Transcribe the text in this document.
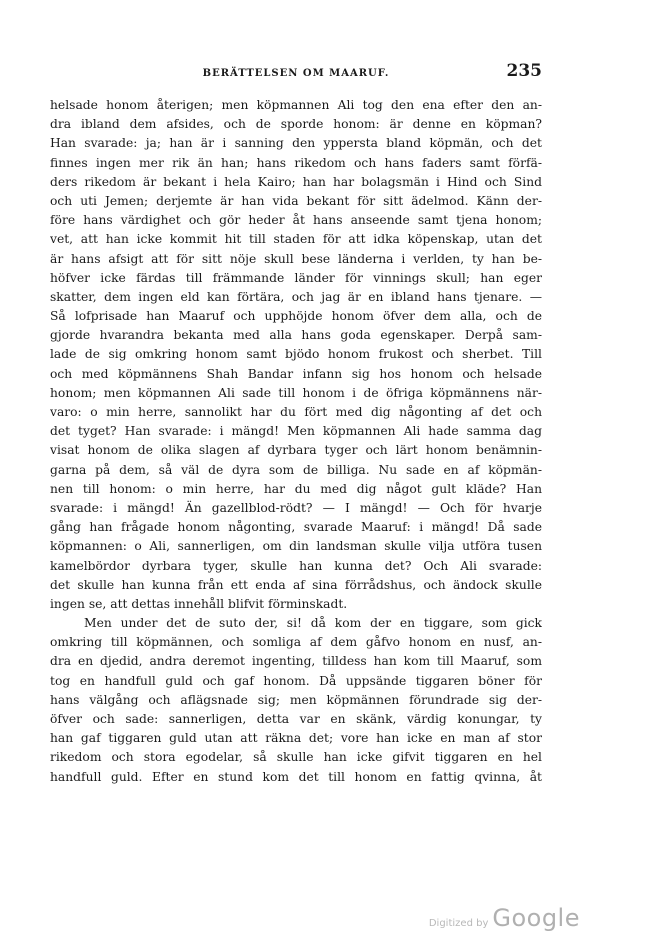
BERÄTTELSEN OM MAARUF.	235
helsade honom återigen; men köpmannen Ali tog den ena efter den an-
dra ibland dem afsides, och de sporde honom: är denne en köpman?
Han svarade: ja; han är i sanning den yppersta bland köpmän, och det
finnes ingen mer rik än han; hans rikedom och hans faders samt förfä-
ders rikedom är bekant i hela Kairo; han har bolagsmän i Hind och Sind
och uti Jemen; derjemte är han vida bekant för sitt ädelmod. Känn der-
före hans värdighet och gör heder åt hans anseende samt tjena honom;
vet, att han icke kommit hit till staden för att idka köpenskap, utan det
är hans afsigt att för sitt nöje skull bese länderna i verlden, ty han be-
höfver icke färdas till främmande länder för vinnings skull; han eger
skatter, dem ingen eld kan förtära, och jag är en ibland hans tjenare. —
Så lofprisade han Maaruf och upphöjde honom öfver dem alla, och de
gjorde hvarandra bekanta med alla hans goda egenskaper. Derpå sam-
lade de sig omkring honom samt bjödo honom frukost och sherbet. Till
och med köpmännens Shah Bandar infann sig hos honom och helsade
honom; men köpmannen Ali sade till honom i de öfriga köpmännens när-
varo: o min herre, sannolikt har du fört med dig någonting af det och
det tyget? Han svarade: i mängd! Men köpmannen Ali hade samma dag
visat honom de olika slagen af dyrbara tyger och lärt honom benämnin-
garna på dem, så väl de dyra som de billiga. Nu sade en af köpmän-
nen till honom: o min herre, har du med dig något gult kläde? Han
svarade: i mängd! Än gazellblod-rödt? — I mängd! — Och för hvarje
gång han frågade honom någonting, svarade Maaruf: i mängd! Då sade
köpmannen: o Ali, sannerligen, om din landsman skulle vilja utföra tusen
kamelbördor dyrbara tyger, skulle han kunna det? Och Ali svarade:
det skulle han kunna från ett enda af sina förrådshus, och ändock skulle
ingen se, att dettas innehåll blifvit förminskadt.
Men under det de suto der, si! då kom der en tiggare, som gick
omkring till köpmännen, och somliga af dem gåfvo honom en nusf, an-
dra en djedid, andra deremot ingenting, tilldess han kom till Maaruf, som
tog en handfull guld och gaf honom. Då uppsände tiggaren böner för
hans välgång och aflägsnade sig; men köpmännen förundrade sig der-
öfver och sade: sannerligen, detta var en skänk, värdig konungar, ty
han gaf tiggaren guld utan att räkna det; vore han icke en man af stor
rikedom och stora egodelar, så skulle han icke gifvit tiggaren en hel
handfull guld. Efter en stund kom det till honom en fattig qvinna, åt
Digitized by Google
